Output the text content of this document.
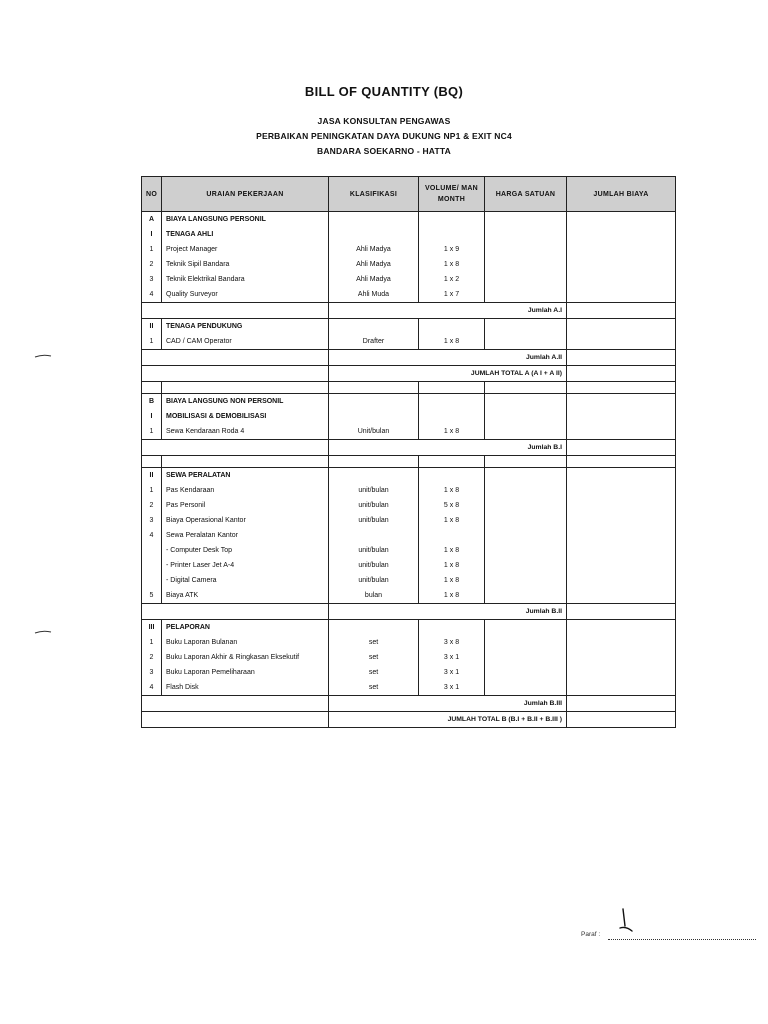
BILL OF QUANTITY (BQ)
JASA KONSULTAN PENGAWAS
PERBAIKAN PENINGKATAN DAYA DUKUNG NP1 & EXIT NC4
BANDARA SOEKARNO - HATTA
NO	URAIAN PEKERJAAN	KLASIFIKASI	VOLUME/ MAN MONTH	HARGA SATUAN	JUMLAH BIAYA
A	BIAYA LANGSUNG PERSONIL				
I	TENAGA AHLI				
1	Project Manager	Ahli Madya	1 x 9		
2	Teknik Sipil Bandara	Ahli Madya	1 x 8		
3	Teknik Elektrikal Bandara	Ahli Madya	1 x 2		
4	Quality Surveyor	Ahli Muda	1 x 7		
		Jumlah A.I			
II	TENAGA PENDUKUNG				
1	CAD / CAM Operator	Drafter	1 x 8		
		Jumlah A.II			
		JUMLAH TOTAL A (A I + A II)			

B	BIAYA LANGSUNG NON PERSONIL				
I	MOBILISASI & DEMOBILISASI				
1	Sewa Kendaraan Roda 4	Unit/bulan	1 x 8		
		Jumlah B.I			

II	SEWA PERALATAN				
1	Pas Kendaraan	unit/bulan	1 x 8		
2	Pas Personil	unit/bulan	5 x 8		
3	Biaya Operasional Kantor	unit/bulan	1 x 8		
4	Sewa Peralatan Kantor				
	- Computer Desk Top	unit/bulan	1 x 8		
	- Printer Laser Jet A-4	unit/bulan	1 x 8		
	- Digital Camera	unit/bulan	1 x 8		
5	Biaya ATK	bulan	1 x 8		
		Jumlah B.II			
III	PELAPORAN				
1	Buku Laporan Bulanan	set	3 x 8		
2	Buku Laporan Akhir & Ringkasan Eksekutif	set	3 x 1		
3	Buku Laporan Pemeliharaan	set	3 x 1		
4	Flash Disk	set	3 x 1		
		Jumlah B.III			
		JUMLAH TOTAL B (B.I + B.II + B.III )			
Paraf :
